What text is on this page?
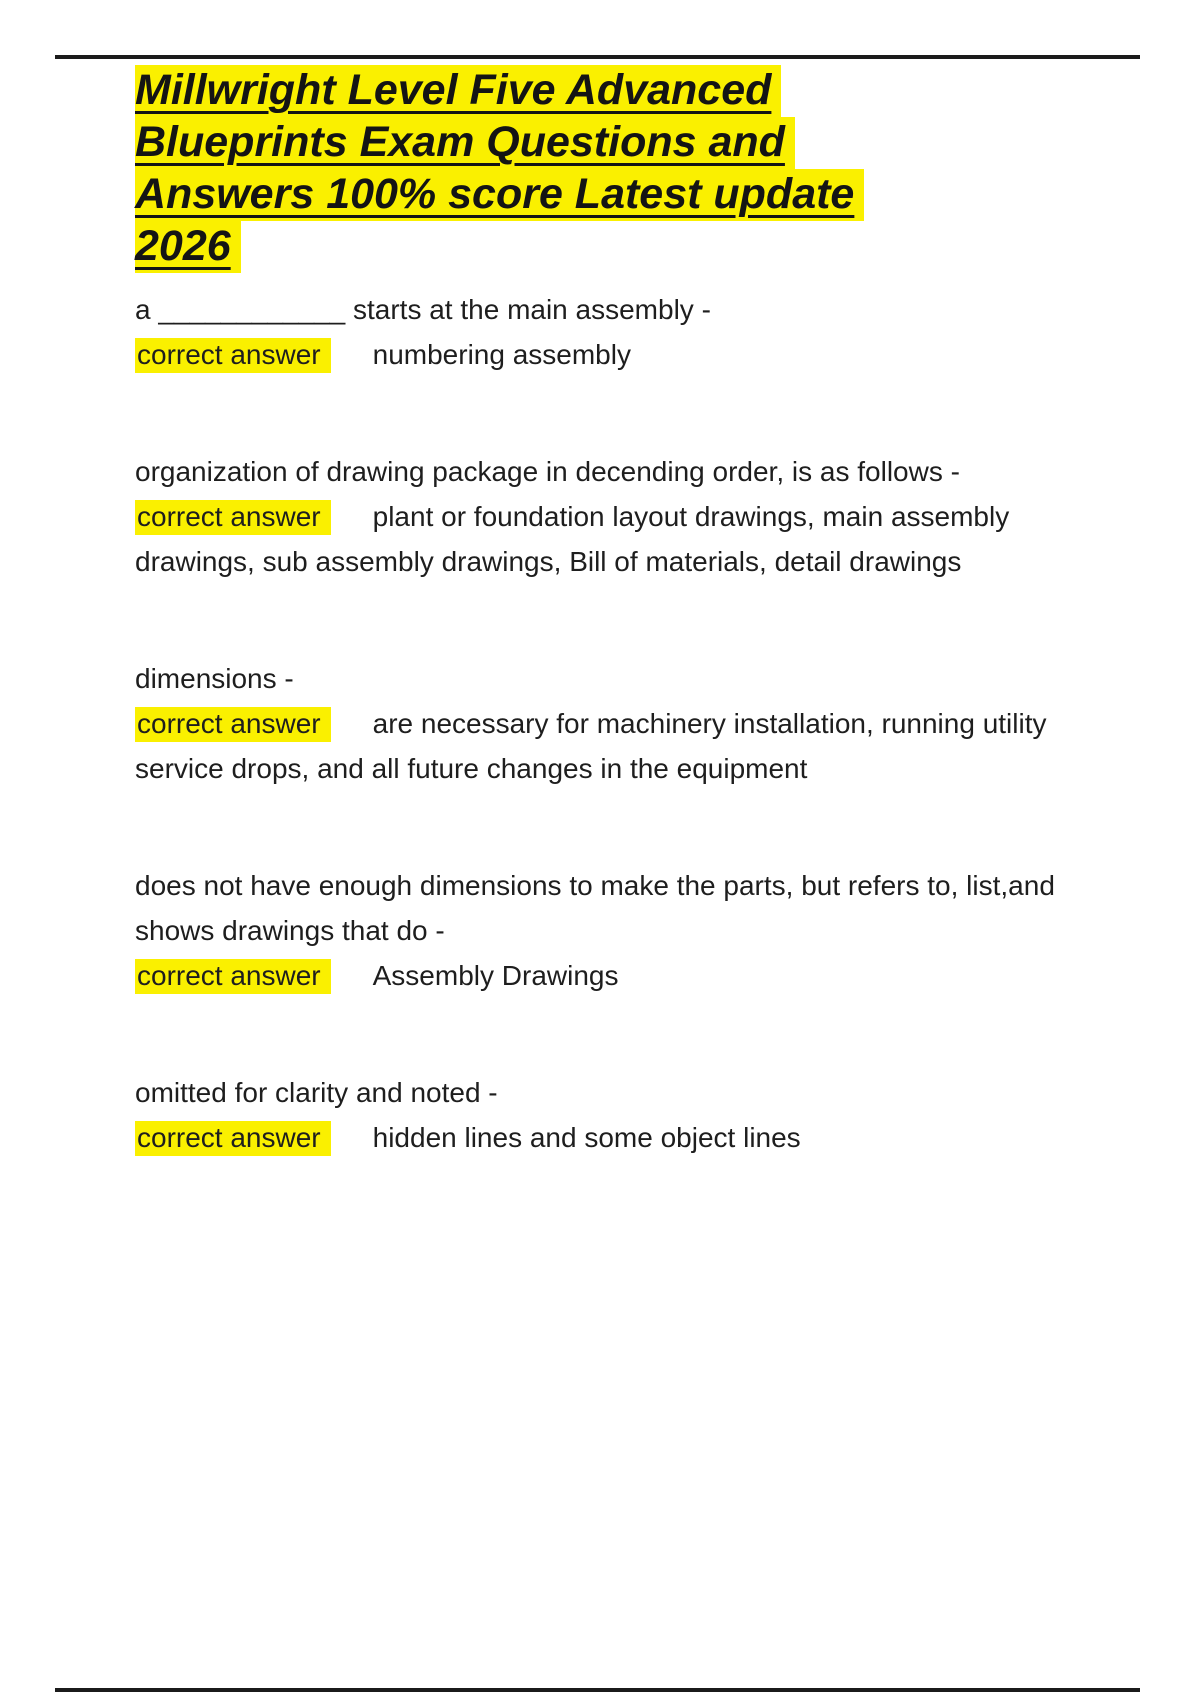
Millwright Level Five Advanced
Blueprints Exam Questions and
Answers 100% score Latest update
2026

a ____________ starts at the main assembly -

correct answer numbering assembly

organization of drawing package in decending order, is as follows -

correct answer plant or foundation layout drawings, main assembly drawings, sub assembly drawings, Bill of materials, detail drawings

dimensions -

correct answer are necessary for machinery installation, running utility service drops, and all future changes in the equipment

does not have enough dimensions to make the parts, but refers to, list,and shows drawings that do -

correct answer Assembly Drawings

omitted for clarity and noted -

correct answer hidden lines and some object lines
